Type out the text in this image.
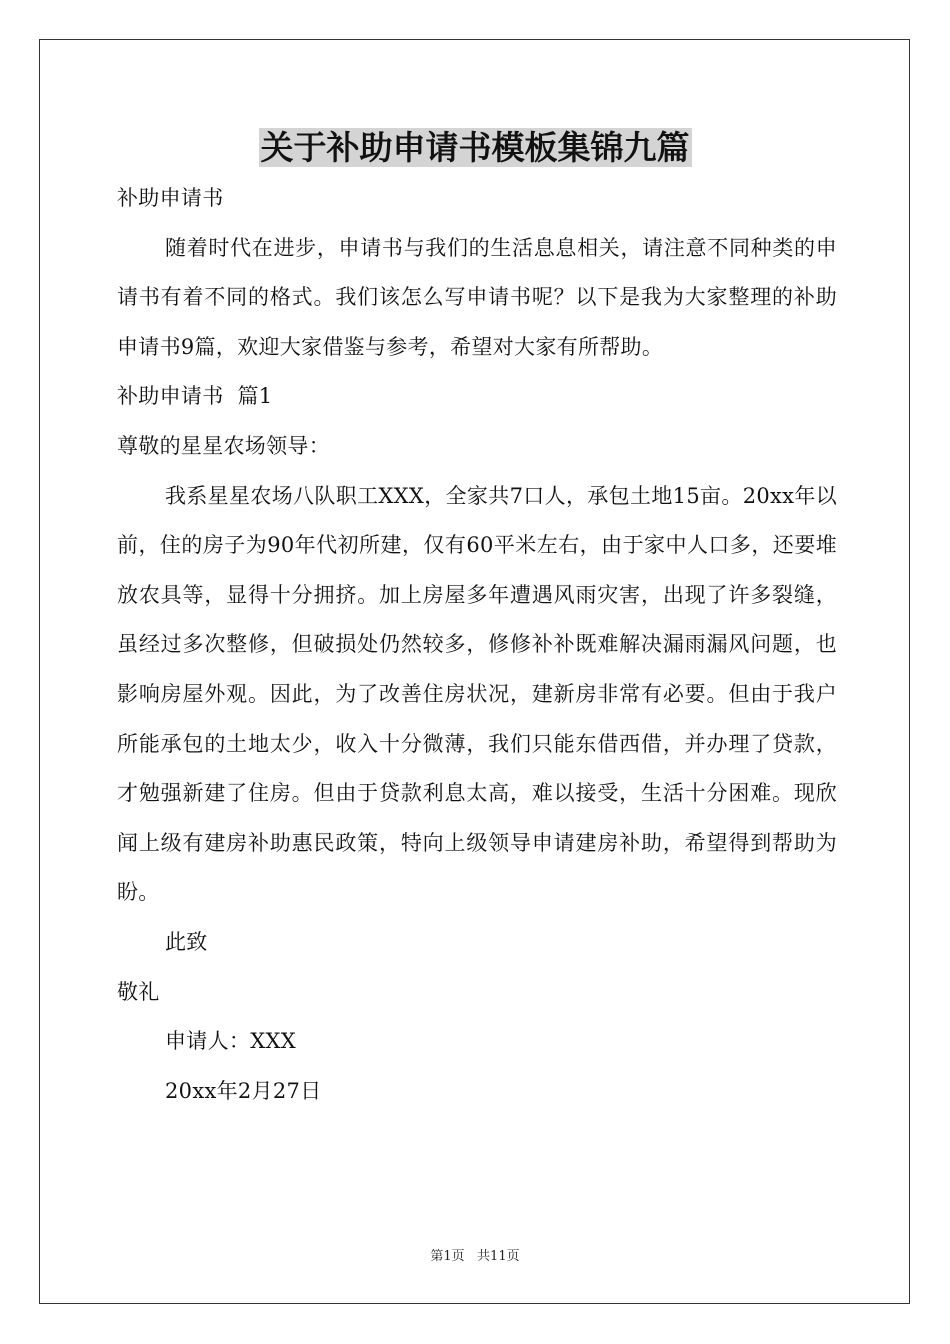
关于补助申请书模板集锦九篇
补助申请书
随着时代在进步，申请书与我们的生活息息相关，请注意不同种类的申请书有着不同的格式。我们该怎么写申请书呢？以下是我为大家整理的补助申请书9篇，欢迎大家借鉴与参考，希望对大家有所帮助。
补助申请书  篇1
尊敬的星星农场领导：
我系星星农场八队职工XXX，全家共7口人，承包土地15亩。20xx年以前，住的房子为90年代初所建，仅有60平米左右，由于家中人口多，还要堆放农具等，显得十分拥挤。加上房屋多年遭遇风雨灾害，出现了许多裂缝，虽经过多次整修，但破损处仍然较多，修修补补既难解决漏雨漏风问题，也影响房屋外观。因此，为了改善住房状况，建新房非常有必要。但由于我户所能承包的土地太少，收入十分微薄，我们只能东借西借，并办理了贷款，才勉强新建了住房。但由于贷款利息太高，难以接受，生活十分困难。现欣闻上级有建房补助惠民政策，特向上级领导申请建房补助，希望得到帮助为盼。
此致
敬礼
申请人：XXX
20xx年2月27日
第1页   共11页
